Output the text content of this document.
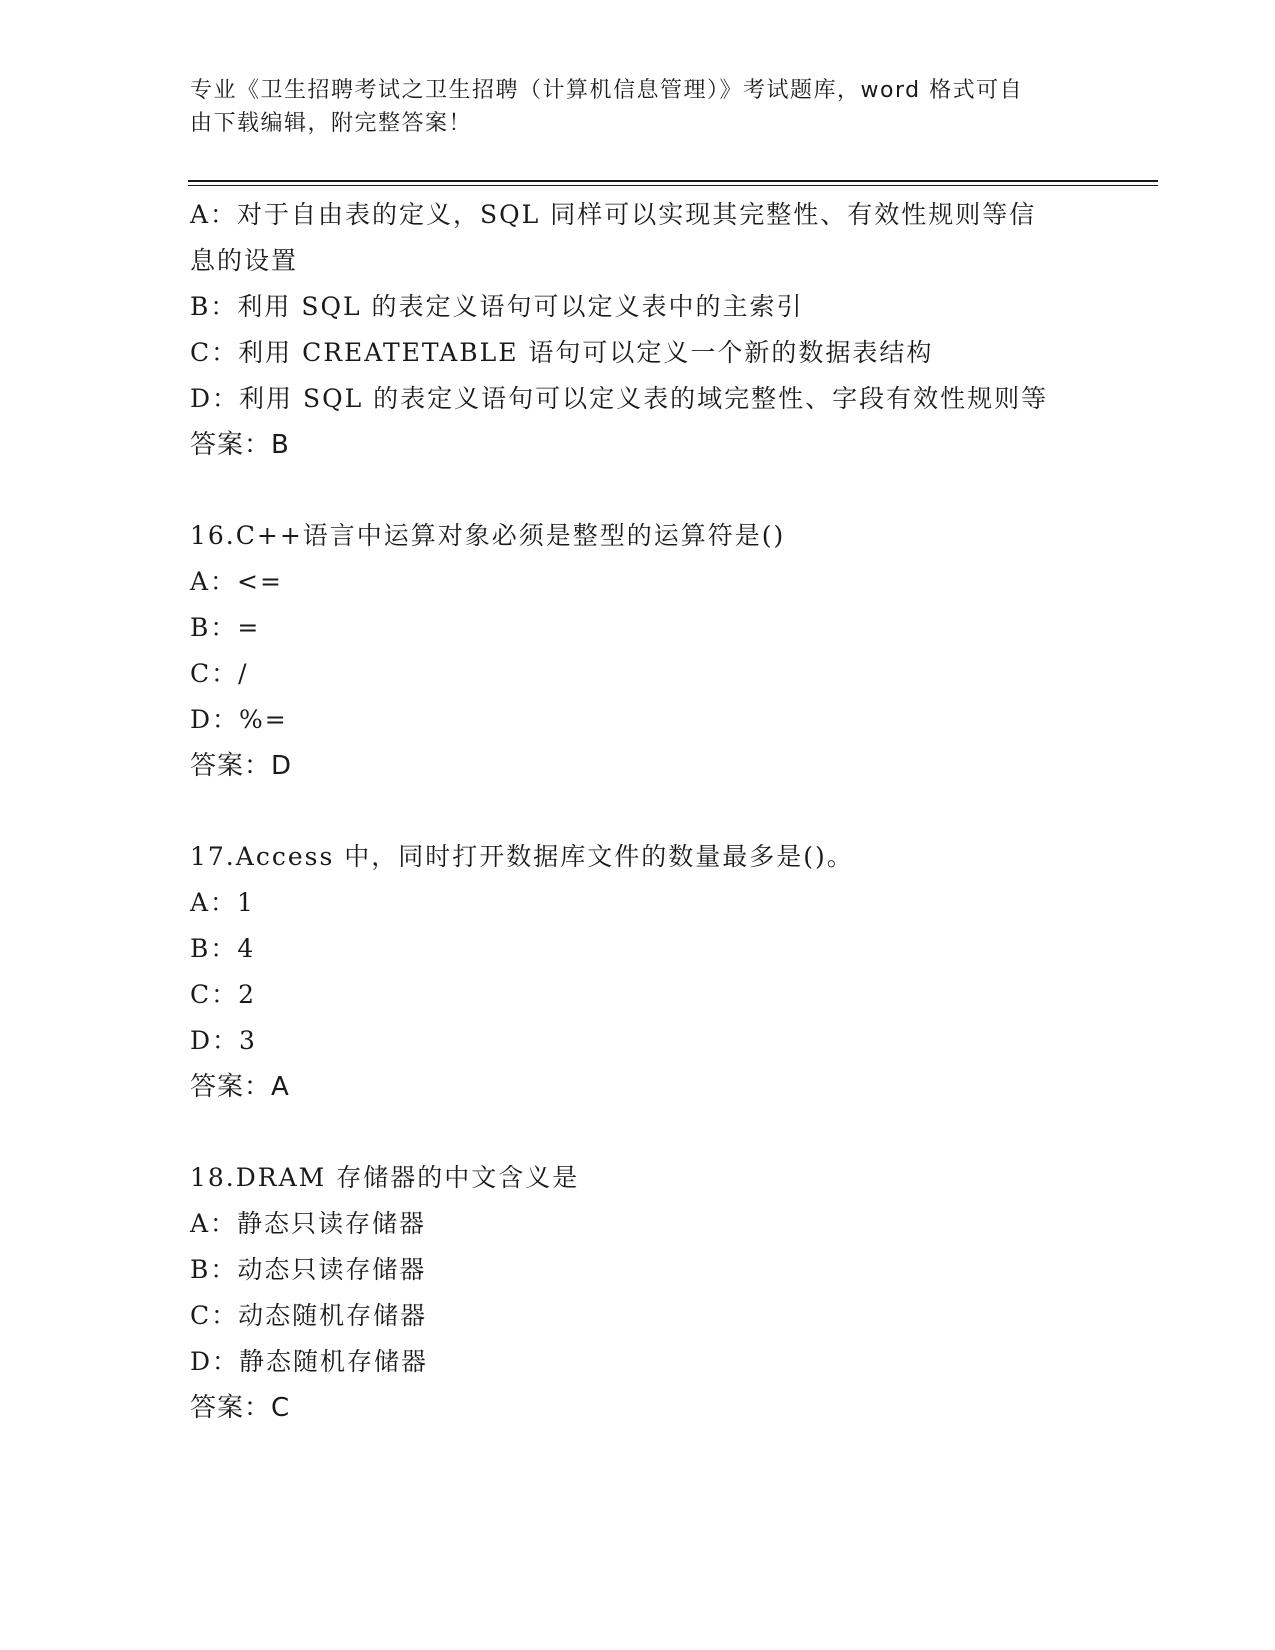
专业《卫生招聘考试之卫生招聘（计算机信息管理）》考试题库，word 格式可自
由下载编辑，附完整答案！
A：对于自由表的定义，SQL 同样可以实现其完整性、有效性规则等信
息的设置
B：利用 SQL 的表定义语句可以定义表中的主索引
C：利用 CREATETABLE 语句可以定义一个新的数据表结构
D：利用 SQL 的表定义语句可以定义表的域完整性、字段有效性规则等
答案：B
16.C++语言中运算对象必须是整型的运算符是()
A：<=
B：=
C：/
D：%=
答案：D
17.Access 中，同时打开数据库文件的数量最多是()。
A：1
B：4
C：2
D：3
答案：A
18.DRAM 存储器的中文含义是
A：静态只读存储器
B：动态只读存储器
C：动态随机存储器
D：静态随机存储器
答案：C
